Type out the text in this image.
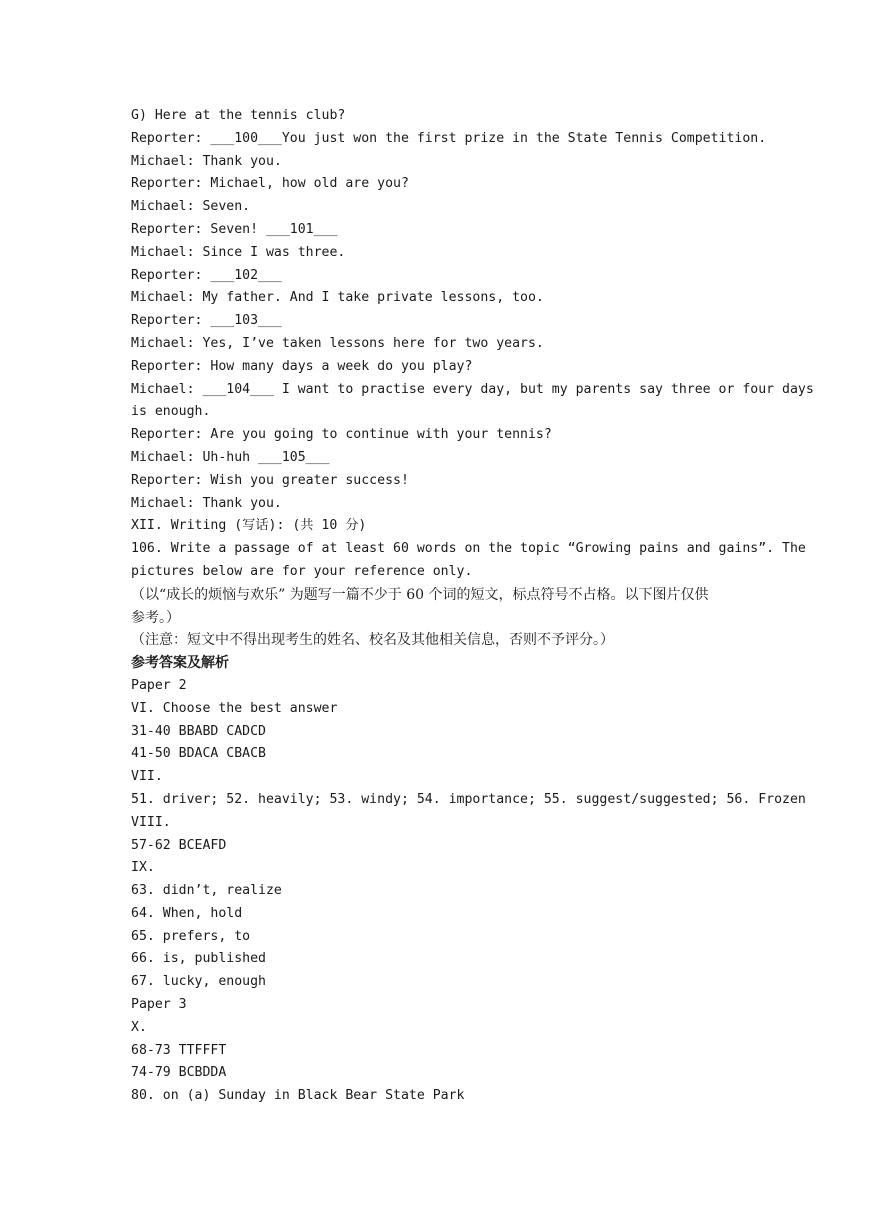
G) Here at the tennis club?
Reporter: ___100___You just won the first prize in the State Tennis Competition.
Michael: Thank you.
Reporter: Michael, how old are you?
Michael: Seven.
Reporter: Seven! ___101___
Michael: Since I was three.
Reporter: ___102___
Michael: My father. And I take private lessons, too.
Reporter: ___103___
Michael: Yes, I’ve taken lessons here for two years.
Reporter: How many days a week do you play?
Michael: ___104___ I want to practise every day, but my parents say three or four days
is enough.
Reporter: Are you going to continue with your tennis?
Michael: Uh-huh ___105___
Reporter: Wish you greater success!
Michael: Thank you.
XII. Writing (写话): (共 10 分)
106. Write a passage of at least 60 words on the topic “Growing pains and gains”. The
pictures below are for your reference only.
（以“成长的烦恼与欢乐” 为题写一篇不少于 60 个词的短文，标点符号不占格。以下图片仅供
参考。）
（注意：短文中不得出现考生的姓名、校名及其他相关信息，否则不予评分。）
参考答案及解析
Paper 2
VI. Choose the best answer
31-40 BBABD CADCD
41-50 BDACA CBACB
VII.
51. driver; 52. heavily; 53. windy; 54. importance; 55. suggest/suggested; 56. Frozen
VIII.
57-62 BCEAFD
IX.
63. didn’t, realize
64. When, hold
65. prefers, to
66. is, published
67. lucky, enough
Paper 3
X.
68-73 TTFFFT
74-79 BCBDDA
80. on (a) Sunday in Black Bear State Park
